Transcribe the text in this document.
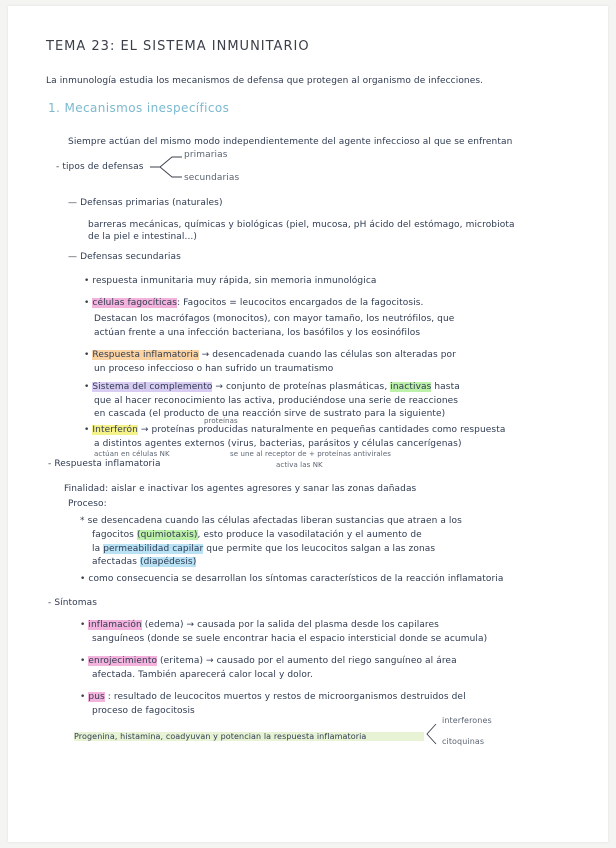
TEMA 23: EL SISTEMA INMUNITARIO

La inmunología estudia los mecanismos de defensa que protegen al organismo de infecciones.

1. Mecanismos inespecíficos

Siempre actúan del mismo modo independientemente del agente infeccioso al que se enfrentan

- tipos de defensas

primarias

secundarias

— Defensas primarias (naturales)

barreras mecánicas, químicas y biológicas (piel, mucosa, pH ácido del estómago, microbiota

de la piel e intestinal...)

— Defensas secundarias

• respuesta inmunitaria muy rápida, sin memoria inmunológica

• células fagocíticas: Fagocitos = leucocitos encargados de la fagocitosis.

Destacan los macrófagos (monocitos), con mayor tamaño, los neutrófilos, que

actúan frente a una infección bacteriana, los basófilos y los eosinófilos

• Respuesta inflamatoria → desencadenada cuando las células son alteradas por

un proceso infeccioso o han sufrido un traumatismo

• Sistema del complemento → conjunto de proteínas plasmáticas, inactivas hasta

que al hacer reconocimiento las activa, produciéndose una serie de reacciones

en cascada (el producto de una reacción sirve de sustrato para la siguiente)

proteínas

• Interferón → proteínas producidas naturalmente en pequeñas cantidades como respuesta

a distintos agentes externos (virus, bacterias, parásitos y células cancerígenas)

actúan en células NK	se une al receptor de + proteínas antivirales

activa las NK

- Respuesta inflamatoria

Finalidad: aislar e inactivar los agentes agresores y sanar las zonas dañadas

Proceso:

* se desencadena cuando las células afectadas liberan sustancias que atraen a los

fagocitos (quimiotaxis), esto produce la vasodilatación y el aumento de

la permeabilidad capilar que permite que los leucocitos salgan a las zonas

afectadas (diapédesis)

• como consecuencia se desarrollan los síntomas característicos de la reacción inflamatoria

- Síntomas

• inflamación (edema) → causada por la salida del plasma desde los capilares

sanguíneos (donde se suele encontrar hacia el espacio intersticial donde se acumula)

• enrojecimiento (eritema) → causado por el aumento del riego sanguíneo al área

afectada. También aparecerá calor local y dolor.

• pus : resultado de leucocitos muertos y restos de microorganismos destruidos del

proceso de fagocitosis

interferones

citoquinas

Progenina, histamina, coadyuvan y potencian la respuesta inflamatoria
